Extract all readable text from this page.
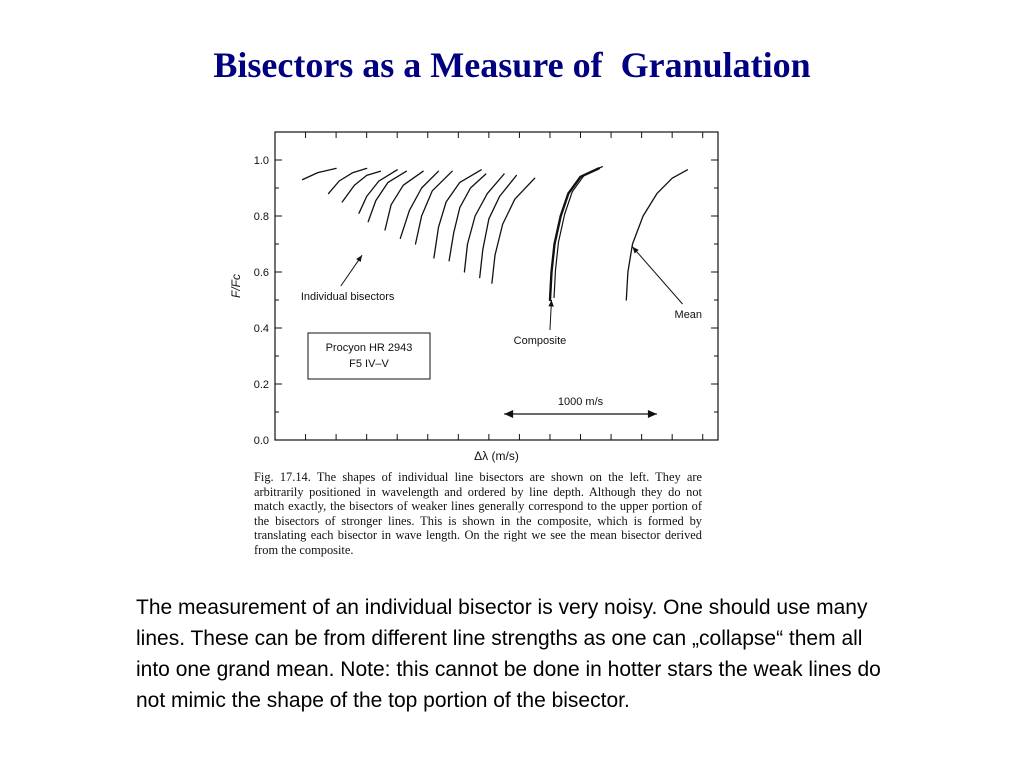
Bisectors as a Measure of  Granulation
0.0
0.2
0.4
0.6
0.8
1.0
F/Fc
Δλ (m/s)
Individual bisectors
Composite
Mean
Procyon HR 2943
F5 IV–V
1000 m/s
Fig. 17.14. The shapes of individual line bisectors are shown on the left. They are arbitrarily positioned in wavelength and ordered by line depth. Although they do not match exactly, the bisectors of weaker lines generally correspond to the upper portion of the bisectors of stronger lines. This is shown in the composite, which is formed by translating each bisector in wave length. On the right we see the mean bisector derived from the composite.
The measurement of an individual bisector is very noisy. One should use many lines. These can be from different line strengths as one can „collapse“ them all into one grand mean. Note: this cannot be done in hotter stars the weak lines do not mimic the shape of the top portion of the bisector.
